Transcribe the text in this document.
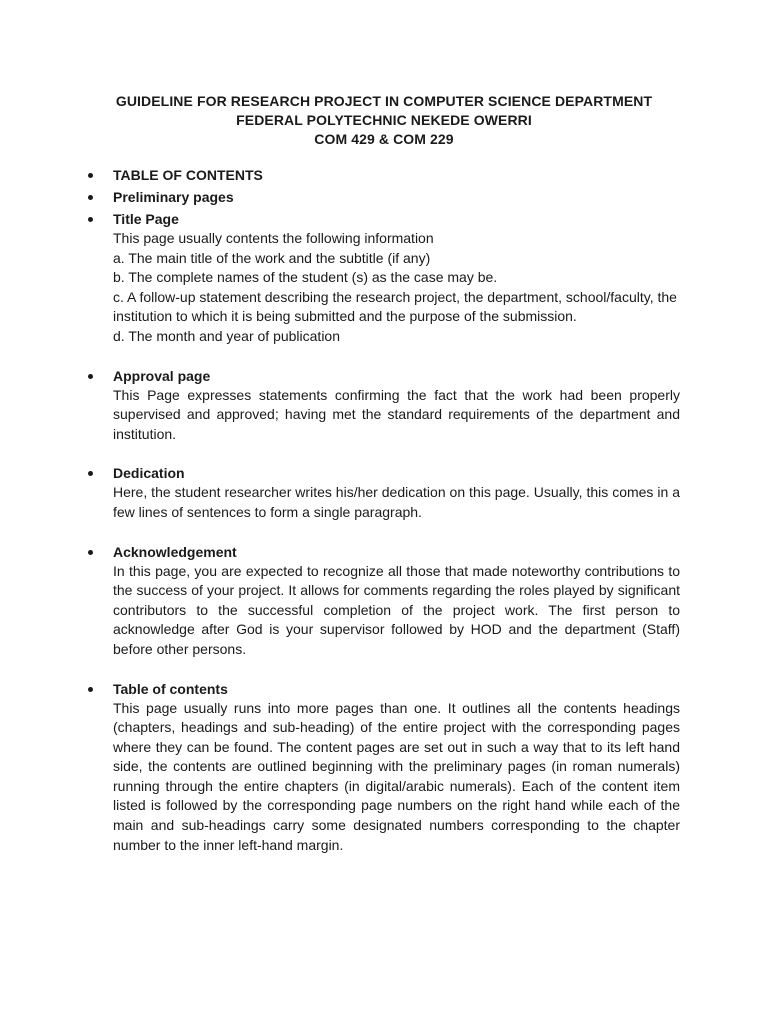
GUIDELINE FOR RESEARCH PROJECT IN COMPUTER SCIENCE DEPARTMENT
FEDERAL POLYTECHNIC NEKEDE OWERRI
COM 429 & COM 229
TABLE OF CONTENTS
Preliminary pages
Title Page
This page usually contents the following information
a. The main title of the work and the subtitle (if any)
b. The complete names of the student (s) as the case may be.
c. A follow-up statement describing the research project, the department, school/faculty, the institution to which it is being submitted and the purpose of the submission.
d. The month and year of publication
Approval page
This Page expresses statements confirming the fact that the work had been properly supervised and approved; having met the standard requirements of the department and institution.
Dedication
Here, the student researcher writes his/her dedication on this page. Usually, this comes in a few lines of sentences to form a single paragraph.
Acknowledgement
In this page, you are expected to recognize all those that made noteworthy contributions to the success of your project. It allows for comments regarding the roles played by significant contributors to the successful completion of the project work. The first person to acknowledge after God is your supervisor followed by HOD and the department (Staff) before other persons.
Table of contents
This page usually runs into more pages than one. It outlines all the contents headings (chapters, headings and sub-heading) of the entire project with the corresponding pages where they can be found. The content pages are set out in such a way that to its left hand side, the contents are outlined beginning with the preliminary pages (in roman numerals) running through the entire chapters (in digital/arabic numerals). Each of the content item listed is followed by the corresponding page numbers on the right hand while each of the main and sub-headings carry some designated numbers corresponding to the chapter number to the inner left-hand margin.
